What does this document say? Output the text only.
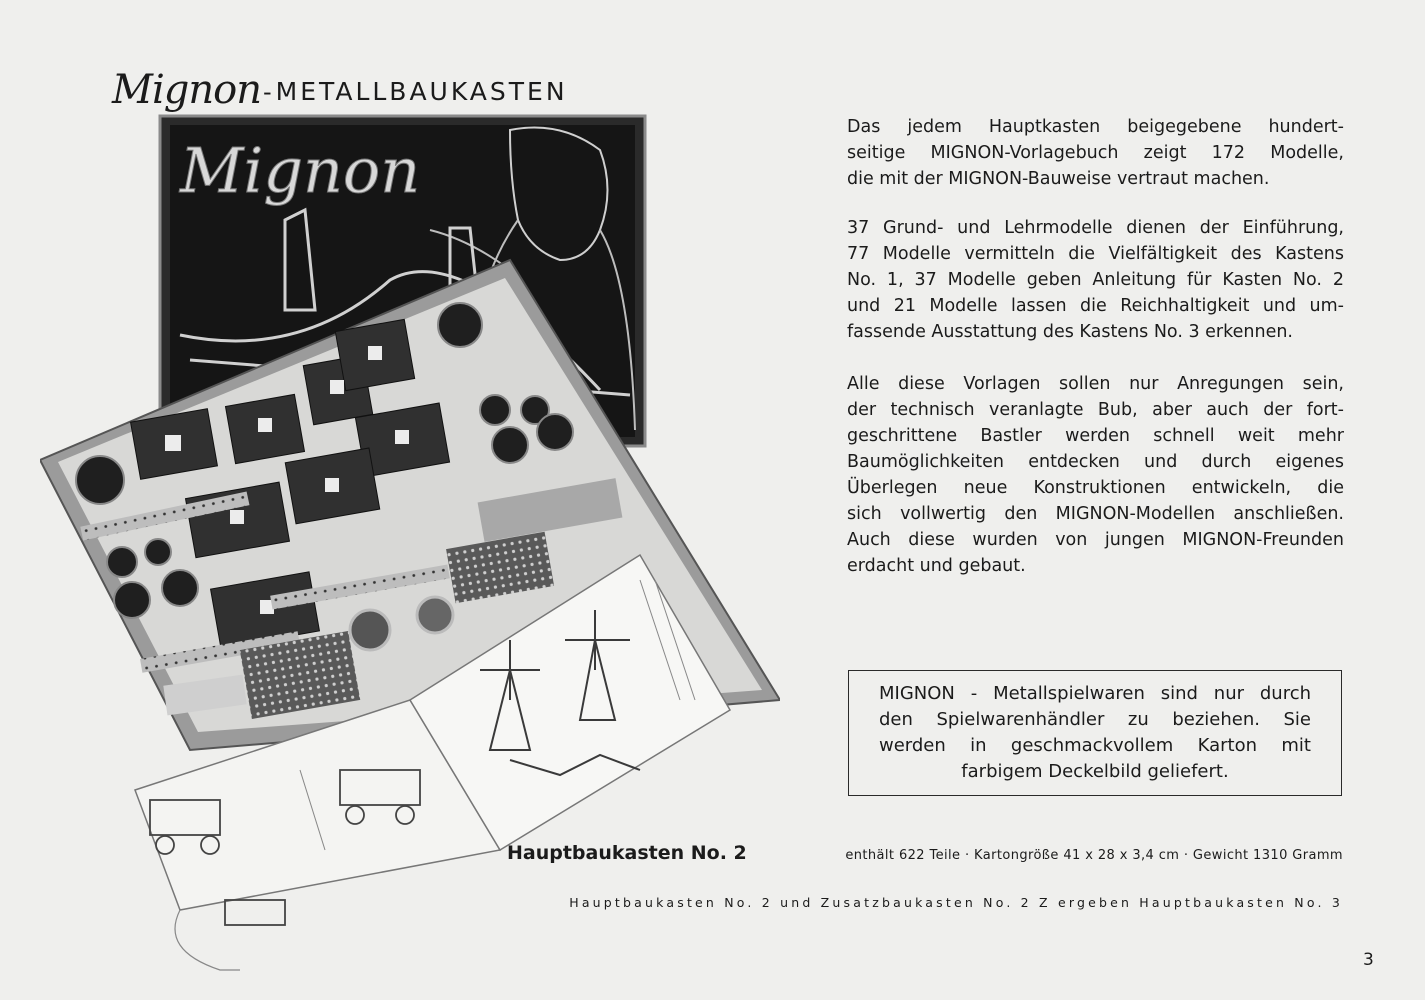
Mignon - METALLBAUKASTEN
Mignon

Das jedem Hauptkasten beigegebene hundert-
seitige MIGNON-Vorlagebuch zeigt 172 Modelle,
die mit der MIGNON-Bauweise vertraut machen.

37 Grund- und Lehrmodelle dienen der Einführung,
77 Modelle vermitteln die Vielfältigkeit des Kastens
No. 1, 37 Modelle geben Anleitung für Kasten No. 2
und 21 Modelle lassen die Reichhaltigkeit und um-
fassende Ausstattung des Kastens No. 3 erkennen.

Alle diese Vorlagen sollen nur Anregungen sein,
der technisch veranlagte Bub, aber auch der fort-
geschrittene Bastler werden schnell weit mehr
Baumöglichkeiten entdecken und durch eigenes
Überlegen neue Konstruktionen entwickeln, die
sich vollwertig den MIGNON-Modellen anschließen.
Auch diese wurden von jungen MIGNON-Freunden
erdacht und gebaut.

MIGNON - Metallspielwaren sind nur durch
den Spielwarenhändler zu beziehen. Sie
werden in geschmackvollem Karton mit
farbigem Deckelbild geliefert.
Hauptbaukasten No. 2	enthält 622 Teile · Kartongröße 41 x 28 x 3,4 cm · Gewicht 1310 Gramm
Hauptbaukasten No. 2 und Zusatzbaukasten No. 2 Z ergeben Hauptbaukasten No. 3
3
